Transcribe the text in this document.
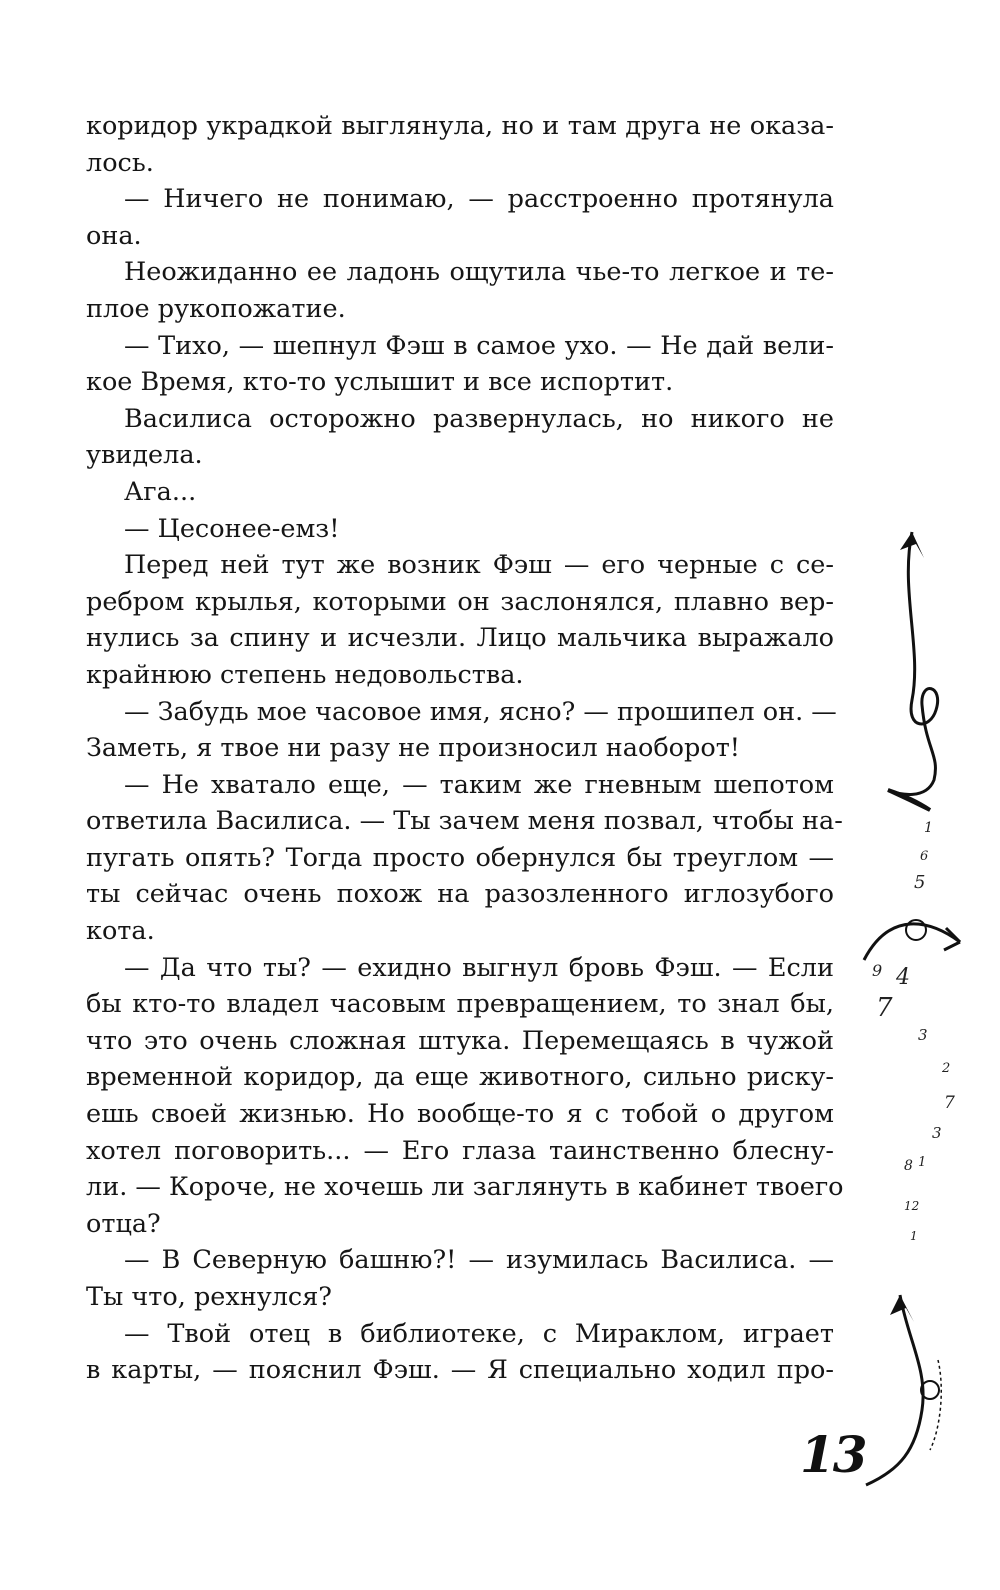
коридор украдкой выглянула, но и там друга не оказа-
лось.
— Ничего не понимаю, — расстроенно протянула
она.
Неожиданно ее ладонь ощутила чье-то легкое и те-
плое рукопожатие.
— Тихо, — шепнул Фэш в самое ухо. — Не дай вели-
кое Время, кто-то услышит и все испортит.
Василиса осторожно развернулась, но никого не
увидела.
Ага...
— Цесонее-емз!
Перед ней тут же возник Фэш — его черные с се-
ребром крылья, которыми он заслонялся, плавно вер-
нулись за спину и исчезли. Лицо мальчика выражало
крайнюю степень недовольства.
— Забудь мое часовое имя, ясно? — прошипел он. —
Заметь, я твое ни разу не произносил наоборот!
— Не хватало еще, — таким же гневным шепотом
ответила Василиса. — Ты зачем меня позвал, чтобы на-
пугать опять? Тогда просто обернулся бы треуглом —
ты сейчас очень похож на разозленного иглозубого
кота.
— Да что ты? — ехидно выгнул бровь Фэш. — Если
бы кто-то владел часовым превращением, то знал бы,
что это очень сложная штука. Перемещаясь в чужой
временной коридор, да еще животного, сильно риску-
ешь своей жизнью. Но вообще-то я с тобой о другом
хотел поговорить... — Его глаза таинственно блесну-
ли. — Короче, не хочешь ли заглянуть в кабинет твоего
отца?
— В Северную башню?! — изумилась Василиса. —
Ты что, рехнулся?
— Твой отец в библиотеке, с Мираклом, играет
в карты, — пояснил Фэш. — Я специально ходил про-
1
6
5
9 4
7
3
2
7
3
8 1
12
1
13
